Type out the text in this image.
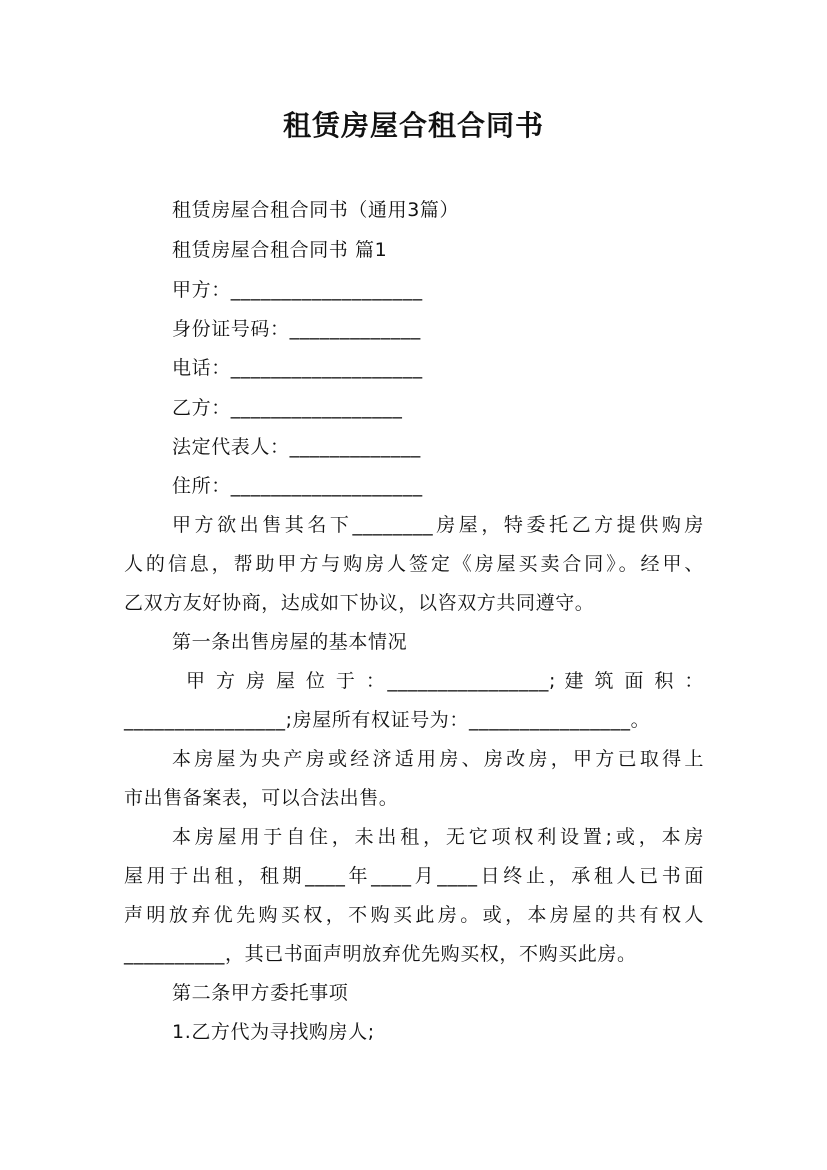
租赁房屋合租合同书
租赁房屋合租合同书（通用3篇）
租赁房屋合租合同书 篇1
甲方：___________________
身份证号码：_____________
电话：___________________
乙方：_________________
法定代表人：_____________
住所：___________________
甲方欲出售其名下________房屋，特委托乙方提供购房
人的信息，帮助甲方与购房人签定《房屋买卖合同》。经甲、
乙双方友好协商，达成如下协议，以咨双方共同遵守。
第一条出售房屋的基本情况
甲 方 房 屋 位 于 ：________________; 建 筑 面 积 ：
________________;房屋所有权证号为：________________。
本房屋为央产房或经济适用房、房改房，甲方已取得上
市出售备案表，可以合法出售。
本房屋用于自住，未出租，无它项权利设置;或，本房
屋用于出租，租期____年____月____日终止，承租人已书面
声明放弃优先购买权，不购买此房。或，本房屋的共有权人
__________，其已书面声明放弃优先购买权，不购买此房。
第二条甲方委托事项
1.乙方代为寻找购房人;
